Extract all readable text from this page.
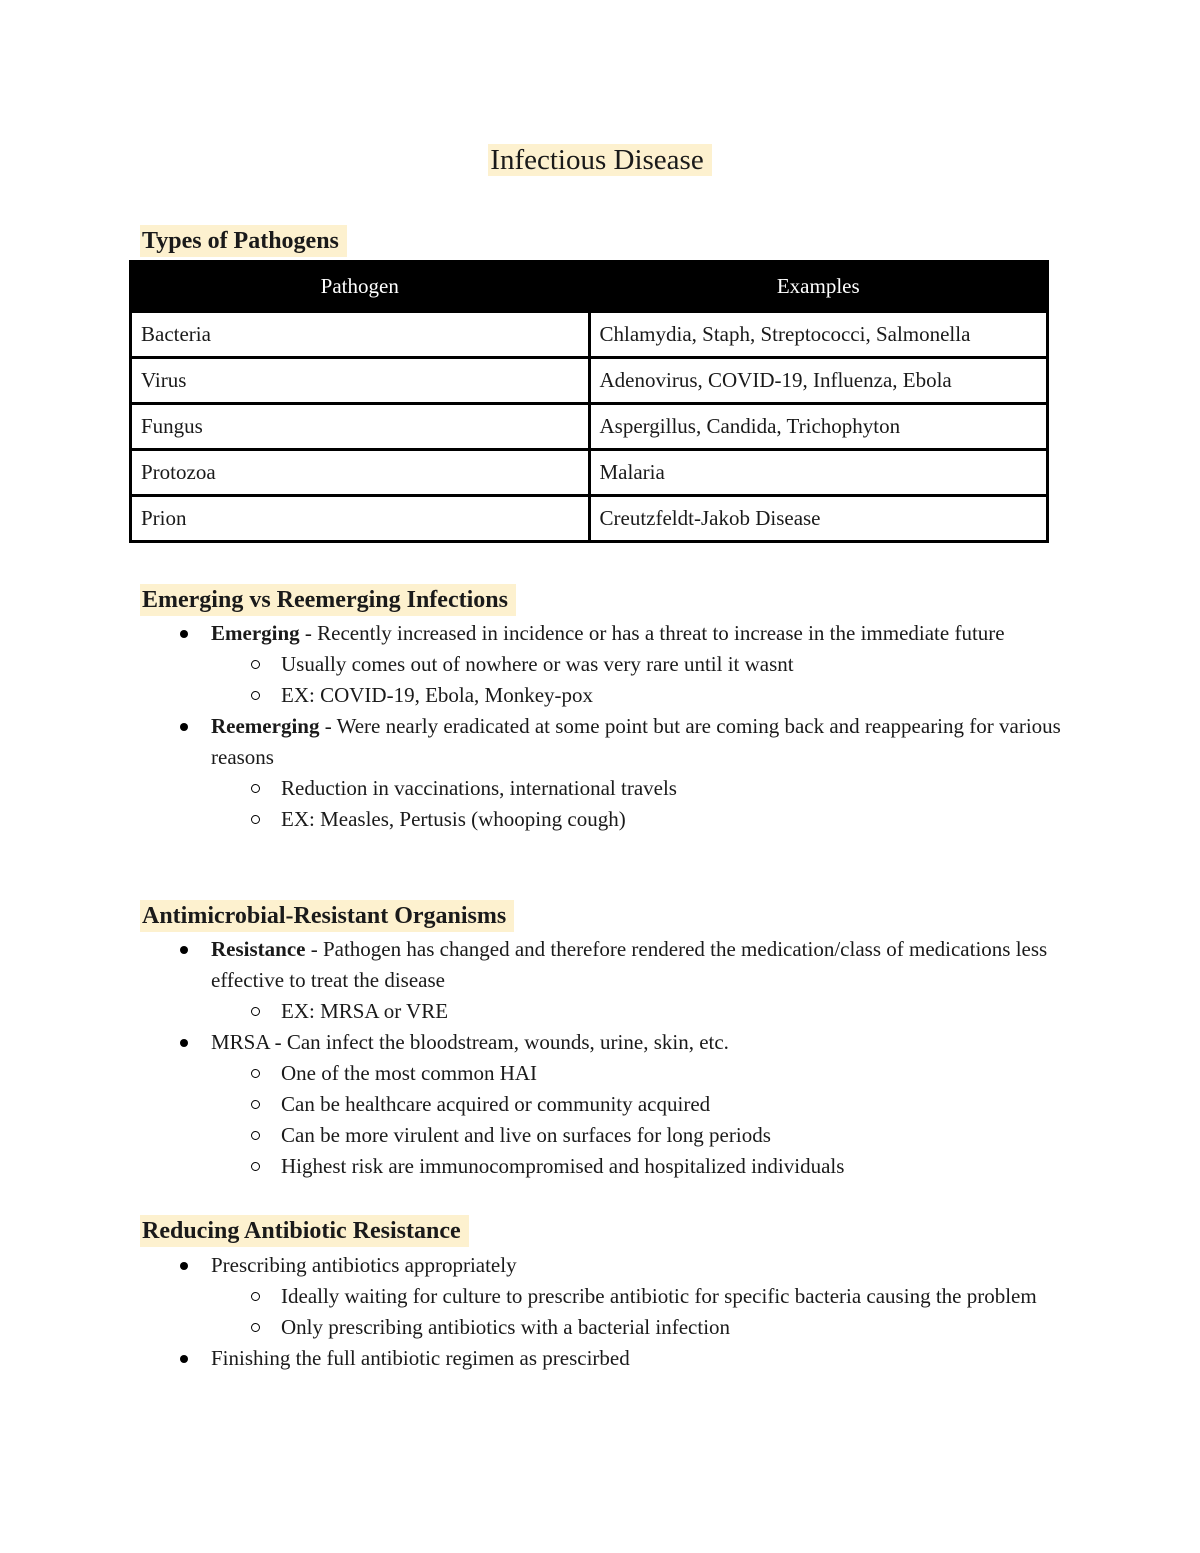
Infectious Disease
Types of Pathogens
Pathogen	Examples
Bacteria	Chlamydia, Staph, Streptococci, Salmonella
Virus	Adenovirus, COVID-19, Influenza, Ebola
Fungus	Aspergillus, Candida, Trichophyton
Protozoa	Malaria
Prion	Creutzfeldt-Jakob Disease
Emerging vs Reemerging Infections

Emerging - Recently increased in incidence or has a threat to increase in the immediate future

Usually comes out of nowhere or was very rare until it wasnt

EX: COVID-19, Ebola, Monkey-pox

Reemerging - Were nearly eradicated at some point but are coming back and reappearing for various reasons

Reduction in vaccinations, international travels

EX: Measles, Pertusis (whooping cough)

Antimicrobial-Resistant Organisms

Resistance - Pathogen has changed and therefore rendered the medication/class of medications less effective to treat the disease

EX: MRSA or VRE

MRSA - Can infect the bloodstream, wounds, urine, skin, etc.

One of the most common HAI

Can be healthcare acquired or community acquired

Can be more virulent and live on surfaces for long periods

Highest risk are immunocompromised and hospitalized individuals

Reducing Antibiotic Resistance

Prescribing antibiotics appropriately

Ideally waiting for culture to prescribe antibiotic for specific bacteria causing the problem

Only prescribing antibiotics with a bacterial infection

Finishing the full antibiotic regimen as prescirbed
